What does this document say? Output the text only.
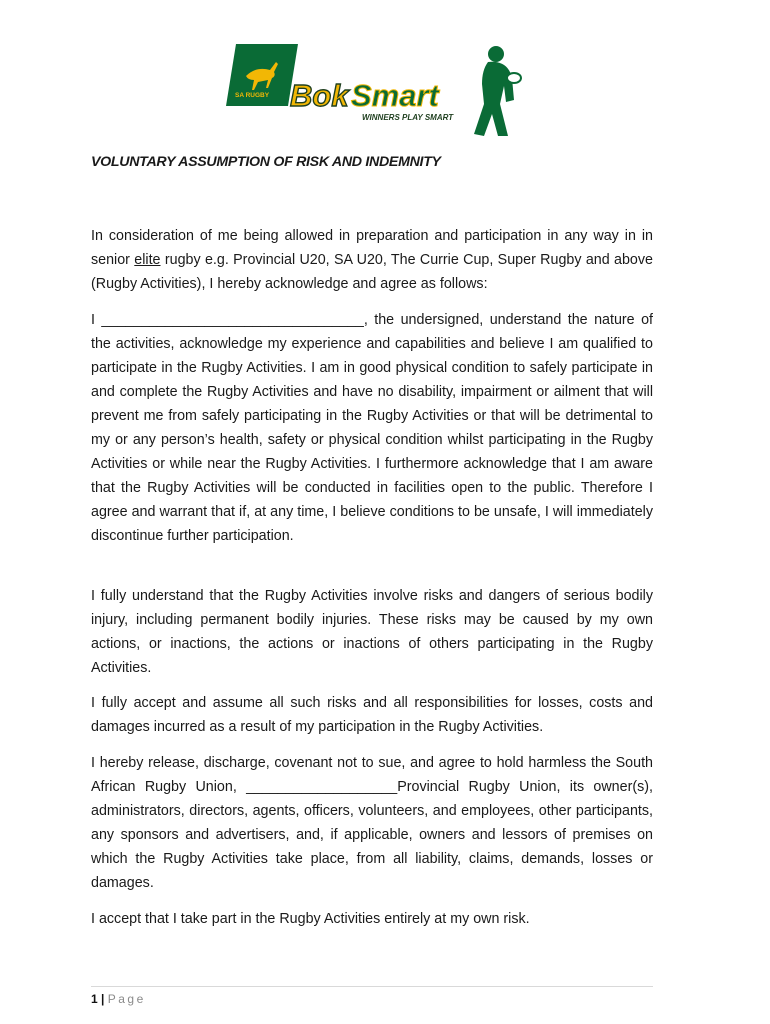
SA RUGBY Bok Smart
WINNERS PLAY SMART

VOLUNTARY ASSUMPTION OF RISK AND INDEMNITY

In consideration of me being allowed in preparation and participation in any way in in senior elite rugby e.g. Provincial U20, SA U20, The Currie Cup, Super Rugby and above (Rugby Activities), I hereby acknowledge and agree as follows:

I _________________________________, the undersigned, understand the nature of the activities, acknowledge my experience and capabilities and believe I am qualified to participate in the Rugby Activities. I am in good physical condition to safely participate in and complete the Rugby Activities and have no disability, impairment or ailment that will prevent me from safely participating in the Rugby Activities or that will be detrimental to my or any person’s health, safety or physical condition whilst participating in the Rugby Activities or while near the Rugby Activities. I furthermore acknowledge that I am aware that the Rugby Activities will be conducted in facilities open to the public. Therefore I agree and warrant that if, at any time, I believe conditions to be unsafe, I will immediately discontinue further participation.

I fully understand that the Rugby Activities involve risks and dangers of serious bodily injury, including permanent bodily injuries. These risks may be caused by my own actions, or inactions, the actions or inactions of others participating in the Rugby Activities.

I fully accept and assume all such risks and all responsibilities for losses, costs and damages incurred as a result of my participation in the Rugby Activities.

I hereby release, discharge, covenant not to sue, and agree to hold harmless the South African Rugby Union, ___________________Provincial Rugby Union, its owner(s), administrators, directors, agents, officers, volunteers, and employees, other participants, any sponsors and advertisers, and, if applicable, owners and lessors of premises on which the Rugby Activities take place, from all liability, claims, demands, losses or damages.

I accept that I take part in the Rugby Activities entirely at my own risk.

1 | Page
